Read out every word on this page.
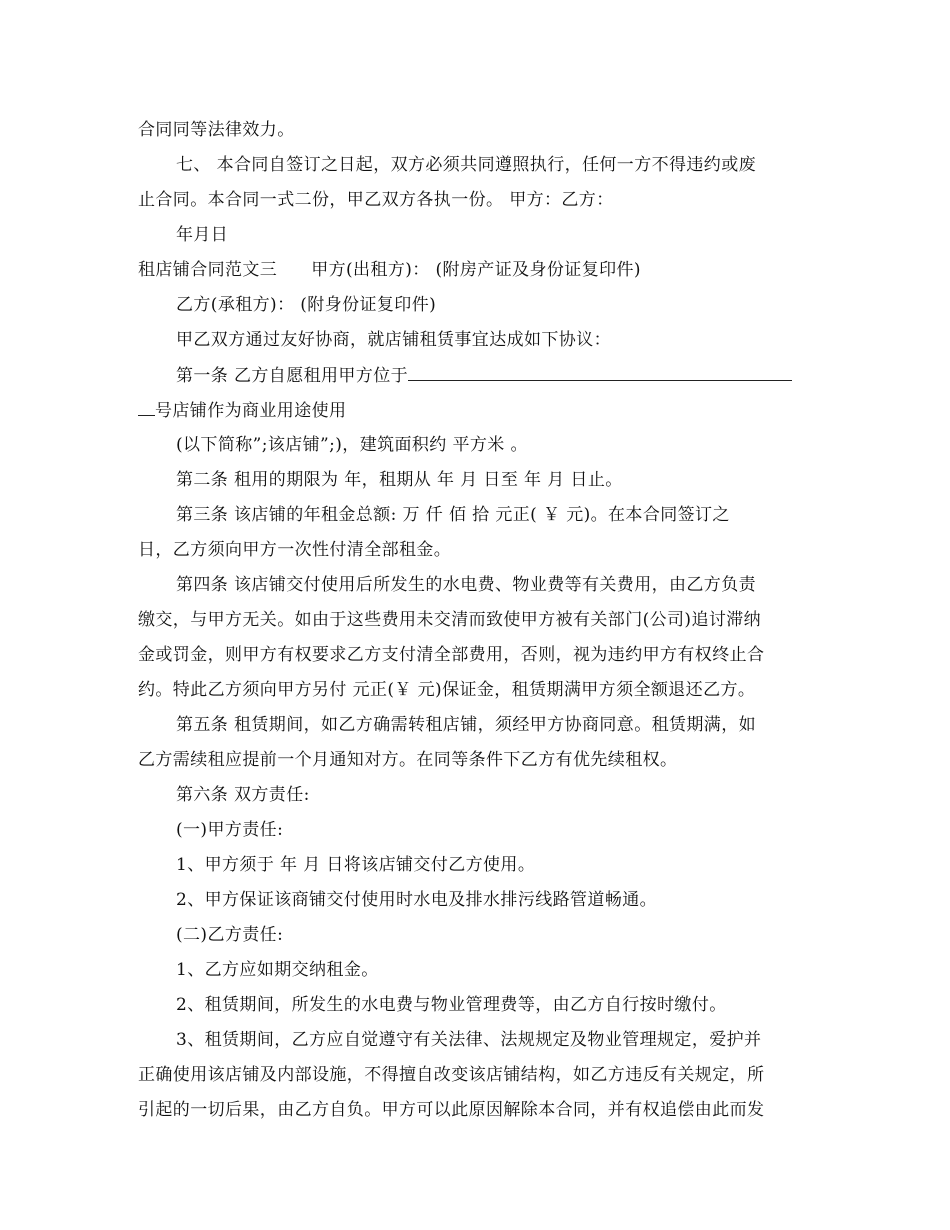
合同同等法律效力。
七、 本合同自签订之日起，双方必须共同遵照执行，任何一方不得违约或废
止合同。本合同一式二份，甲乙双方各执一份。 甲方：乙方：
年月日
租店铺合同范文三 甲方(出租方)： (附房产证及身份证复印件)
乙方(承租方)： (附身份证复印件)
甲乙双方通过友好协商，就店铺租赁事宜达成如下协议：
第一条 乙方自愿租用甲方位于
号店铺作为商业用途使用
(以下简称”;该店铺”;)，建筑面积约 平方米 。
第二条 租用的期限为 年，租期从 年 月 日至 年 月 日止。
第三条 该店铺的年租金总额: 万 仟 佰 拾 元正( ￥ 元)。在本合同签订之
日，乙方须向甲方一次性付清全部租金。
第四条 该店铺交付使用后所发生的水电费、物业费等有关费用，由乙方负责
缴交，与甲方无关。如由于这些费用未交清而致使甲方被有关部门(公司)追讨滞纳
金或罚金，则甲方有权要求乙方支付清全部费用，否则，视为违约甲方有权终止合
约。特此乙方须向甲方另付 元正(￥ 元)保证金，租赁期满甲方须全额退还乙方。
第五条 租赁期间，如乙方确需转租店铺，须经甲方协商同意。租赁期满，如
乙方需续租应提前一个月通知对方。在同等条件下乙方有优先续租权。
第六条 双方责任:
(一)甲方责任:
1、甲方须于 年 月 日将该店铺交付乙方使用。
2、甲方保证该商铺交付使用时水电及排水排污线路管道畅通。
(二)乙方责任:
1、乙方应如期交纳租金。
2、租赁期间，所发生的水电费与物业管理费等，由乙方自行按时缴付。
3、租赁期间，乙方应自觉遵守有关法律、法规规定及物业管理规定，爱护并
正确使用该店铺及内部设施，不得擅自改变该店铺结构，如乙方违反有关规定，所
引起的一切后果，由乙方自负。甲方可以此原因解除本合同，并有权追偿由此而发
